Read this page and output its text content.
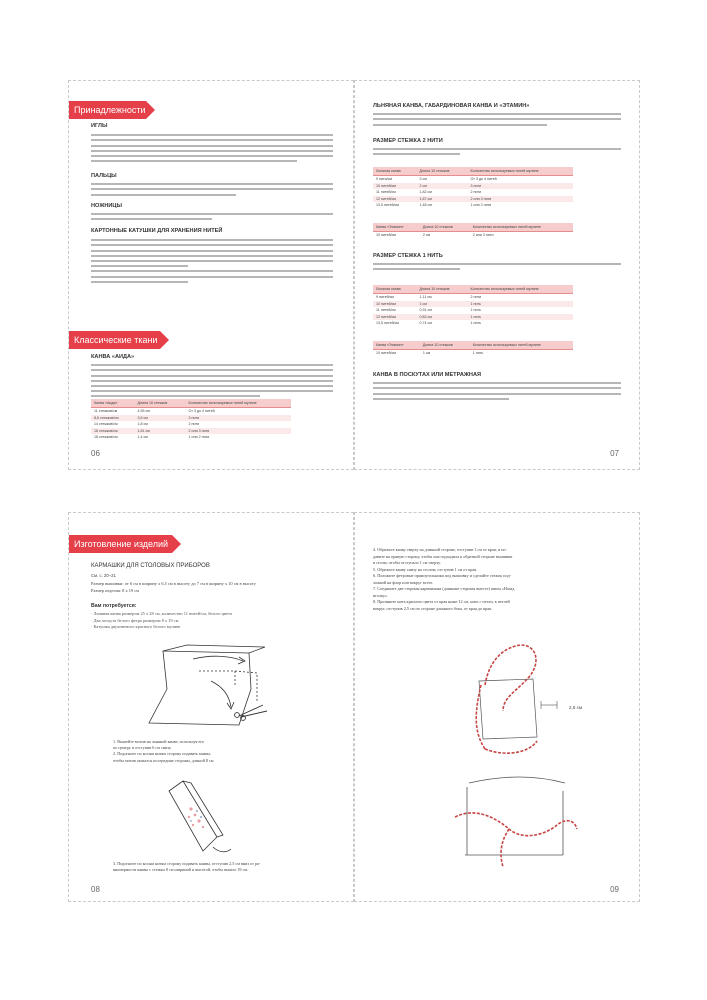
Принадлежности
ИГЛЫ
ПАЛЬЦЫ
НОЖНИЦЫ
КАРТОННЫЕ КАТУШКИ ДЛЯ ХРАНЕНИЯ НИТЕЙ
Классические ткани
КАНВА «АИДА»
Канва «Аида»	Длина 10 стежков	Количество используемых нитей мулине
11 стежков/см	4,55 см	От 3 до 4 нитей
8,6 стежков/см	3,5 см	3 нити
14 стежков/см	1,8 см	2 нити
16 стежков/см	1,61 см	2 или 3 нити
18 стежков/см	1,4 см	1 или 2 нити
06
ЛЬНЯНАЯ КАНВА, ГАБАРДИНОВАЯ КАНВА И «ЭТАМИН»
РАЗМЕР СТЕЖКА 2 НИТИ
Льняная канва	Длина 10 стежков	Количество используемых нитей мулине
9 нити/см	3 см	От 3 до 4 нитей
10 нитей/см	2 см	3 нити
11 нитей/см	1,82 см	2 нити
12 нитей/см	1,67 см	2 или 3 нити
13,5 нитей/см	1,48 см	1 или 2 нити
Канва «Этамин»	Длина 10 стежков	Количество используемых нитей мулине
10 нитей/см	2 см	2 или 3 нити
РАЗМЕР СТЕЖКА 1 НИТЬ
Льняная канва	Длина 10 стежков	Количество используемых нитей мулине
9 нитей/см	1,11 см	2 нити
10 нитей/см	1 см	1 нить
11 нитей/см	0,91 см	1 нить
12 нитей/см	0,83 см	1 нить
13,5 нитей/см	0,74 см	1 нить
Канва «Этамин»	Длина 10 стежков	Количество используемых нитей мулине
10 нитей/см	1 см	1 нить
КАНВА В ПОСКУТАХ ИЛИ МЕТРАЖНАЯ
07
Изготовление изделий
КАРМАШКИ ДЛЯ СТОЛОВЫХ ПРИБОРОВ
См. с. 20–21
Размер вышивки: от 6 см в ширину х 6,5 см в высоту до 7 см в ширину х 10 см в высоту
Размер изделия: 8 х 19 см
Вам потребуется:
· Льняная канва размером 25 х 28 см, количество 11 нитей/см, белого цвета
· Два лоскута белого фетра размером 8 х 19 см
· Катушка двухнитного красного белого мулине
1. Вышейте мотив на льняной канве, используя его
по центру и отступив 6 см снизу.
2. Подогните по косым нитям сторону подавать канвы,
чтобы мотив оказался посередине стороны, длиной 8 см
3. Подогните по косым нитям сторону подавать канвы, отступив 2,5 см вниз от ра-
вномерности канвы с стежки 8 см шириной и высотой, чтобы вышло 19 см.
08
4. Обрежьте канву сверху на длинной стороне, отступив 1 см от края, и по-
давите на правую сторону, чтобы она подходила к обратной стороне вышивки
в столы; чтобы отступало 1 см сверху.
5. Обрежьте канву снизу на столом, отступив 1 см от края.
6. Положите фетровые прямоугольники под вышивку и сделайте стежок под-
ложкой на флор или вокруг всего.
7. Соедините две стороны карманчика (длинные стороны вместе) швом «Назад
иголку».
8. Протяните нить красного цвета от края ниже 12 см, нить с петли, в петлей
вокруг, отступив 2,5 см по стороне длинного бока, от края до края.
2,5 см
09
